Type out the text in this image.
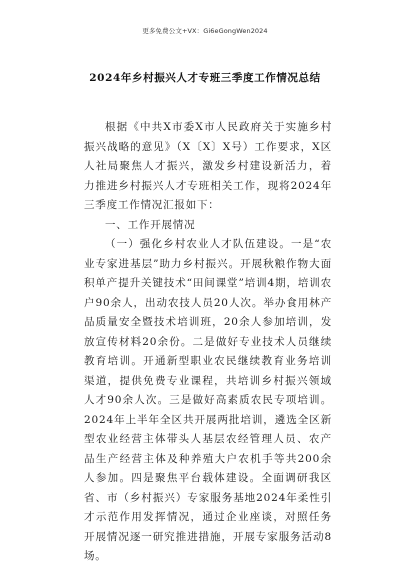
更多免费公文+VX：Gi6eGongWen2024
2024年乡村振兴人才专班三季度工作情况总结

根据《中共X市委X市人民政府关于实施乡村振兴战略的意见》（X〔X〕X号）工作要求，X区人社局聚焦人才振兴，激发乡村建设新活力，着力推进乡村振兴人才专班相关工作，现将2024年三季度工作情况汇报如下：

一、工作开展情况

（一）强化乡村农业人才队伍建设。一是“农业专家进基层”助力乡村振兴。开展秋粮作物大面积单产提升关键技术“田间课堂”培训4期，培训农户90余人，出动农技人员20人次。举办食用林产品质量安全暨技术培训班，20余人参加培训，发放宣传材料20余份。二是做好专业技术人员继续教育培训。开通新型职业农民继续教育业务培训渠道，提供免费专业课程，共培训乡村振兴领域人才90余人次。三是做好高素质农民专项培训。2024年上半年全区共开展两批培训，遴选全区新型农业经营主体带头人基层农经管理人员、农产品生产经营主体及种养殖大户农机手等共200余人参加。四是聚焦平台载体建设。全面调研我区省、市（乡村振兴）专家服务基地2024年柔性引才示范作用发挥情况，通过企业座谈，对照任务开展情况逐一研究推进措施，开展专家服务活动8场。
